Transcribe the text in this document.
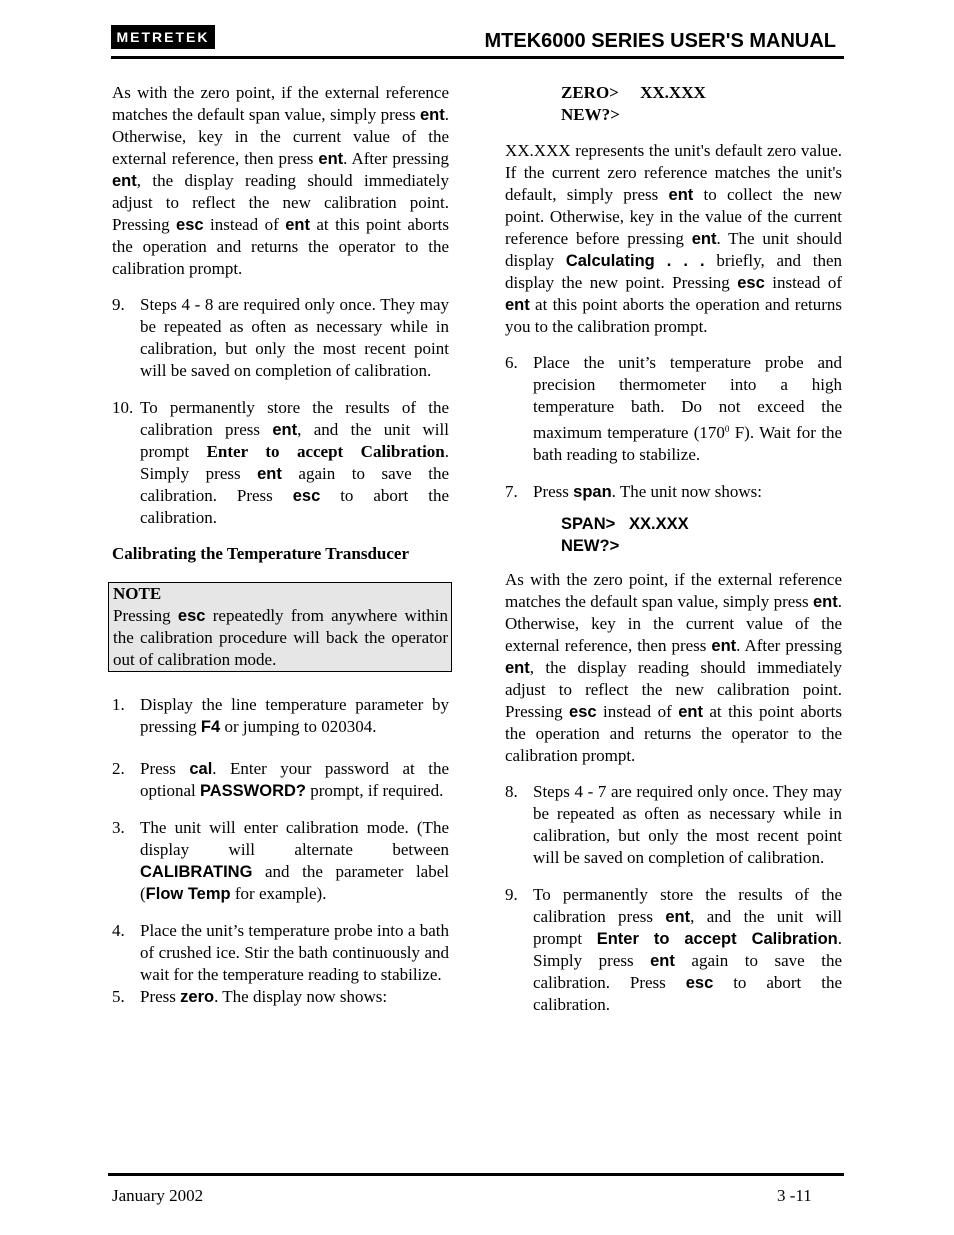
METRETEK	MTEK6000 SERIES USER'S MANUAL

As with the zero point, if the external reference matches the default span value, simply press ent. Otherwise, key in the current value of the external reference, then press ent. After pressing ent, the display reading should immediately adjust to reflect the new calibration point. Pressing esc instead of ent at this point aborts the operation and returns the operator to the calibration prompt.

9. Steps 4 - 8 are required only once. They may be repeated as often as necessary while in calibration, but only the most recent point will be saved on completion of calibration.
10. To permanently store the results of the calibration press ent, and the unit will prompt Enter to accept Calibration. Simply press ent again to save the calibration. Press esc to abort the calibration.

Calibrating the Temperature Transducer

NOTE
Pressing esc repeatedly from anywhere within the calibration procedure will back the operator out of calibration mode.
1. Display the line temperature parameter by pressing F4 or jumping to 020304.
2. Press cal. Enter your password at the optional PASSWORD? prompt, if required.
3. The unit will enter calibration mode. (The display will alternate between CALIBRATING and the parameter label (Flow Temp for example).
4. Place the unit’s temperature probe into a bath of crushed ice. Stir the bath continuously and wait for the temperature reading to stabilize.
5. Press zero. The display now shows:
ZERO> XX.XXX
NEW?>

XX.XXX represents the unit's default zero value. If the current zero reference matches the unit's default, simply press ent to collect the new point. Otherwise, key in the value of the current reference before pressing ent. The unit should display Calculating . . . briefly, and then display the new point. Pressing esc instead of ent at this point aborts the operation and returns you to the calibration prompt.

6. Place the unit’s temperature probe and precision thermometer into a high temperature bath. Do not exceed the maximum temperature ($170^0$ F). Wait for the bath reading to stabilize.
7. Press span. The unit now shows:
SPAN> XX.XXX
NEW?>

As with the zero point, if the external reference matches the default span value, simply press ent. Otherwise, key in the current value of the external reference, then press ent. After pressing ent, the display reading should immediately adjust to reflect the new calibration point. Pressing esc instead of ent at this point aborts the operation and returns the operator to the calibration prompt.

8. Steps 4 - 7 are required only once. They may be repeated as often as necessary while in calibration, but only the most recent point will be saved on completion of calibration.
9. To permanently store the results of the calibration press ent, and the unit will prompt Enter to accept Calibration. Simply press ent again to save the calibration. Press esc to abort the calibration.
January 2002	3 -11
